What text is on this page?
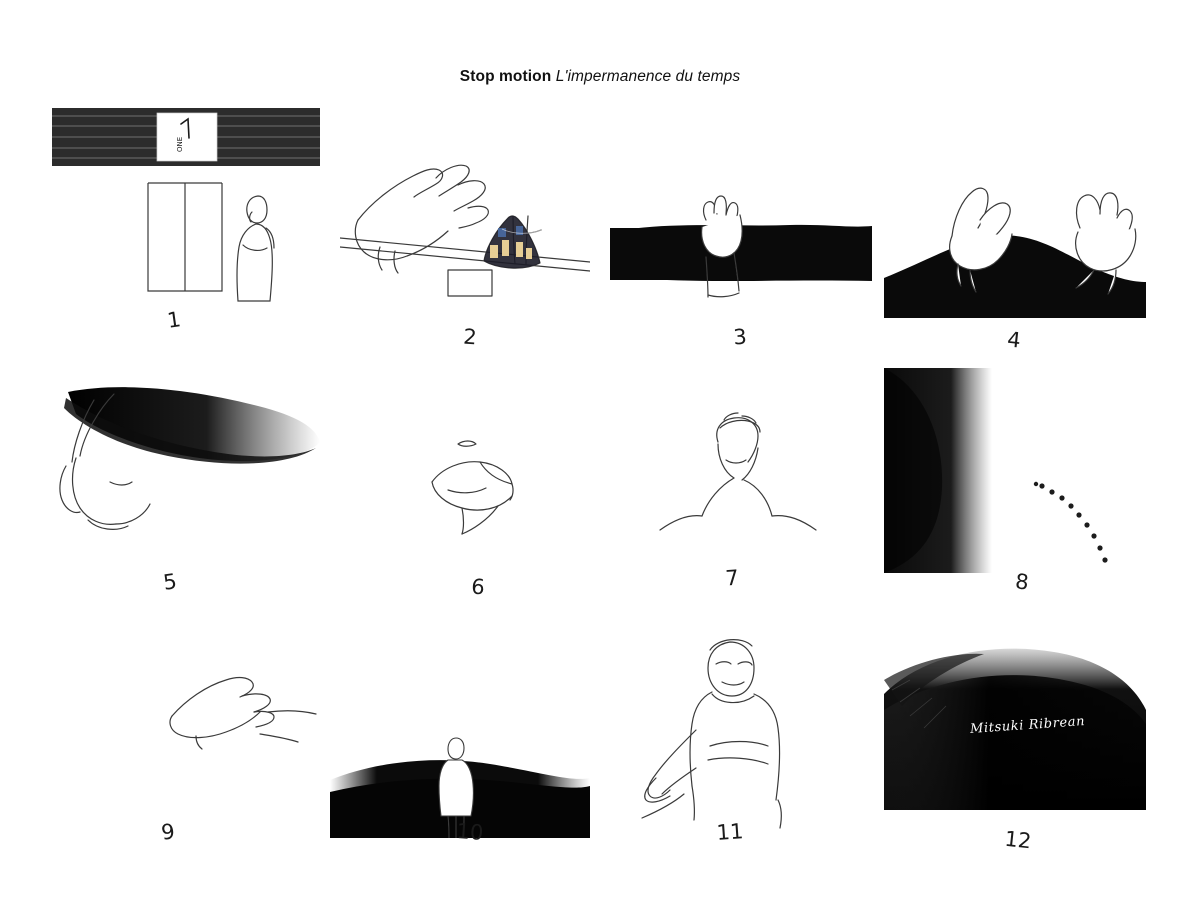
Stop motion L'impermanence du temps
ONE
1
2	3	4
5	6	7	8
9	10	11
Mitsuki Ribrean
12
